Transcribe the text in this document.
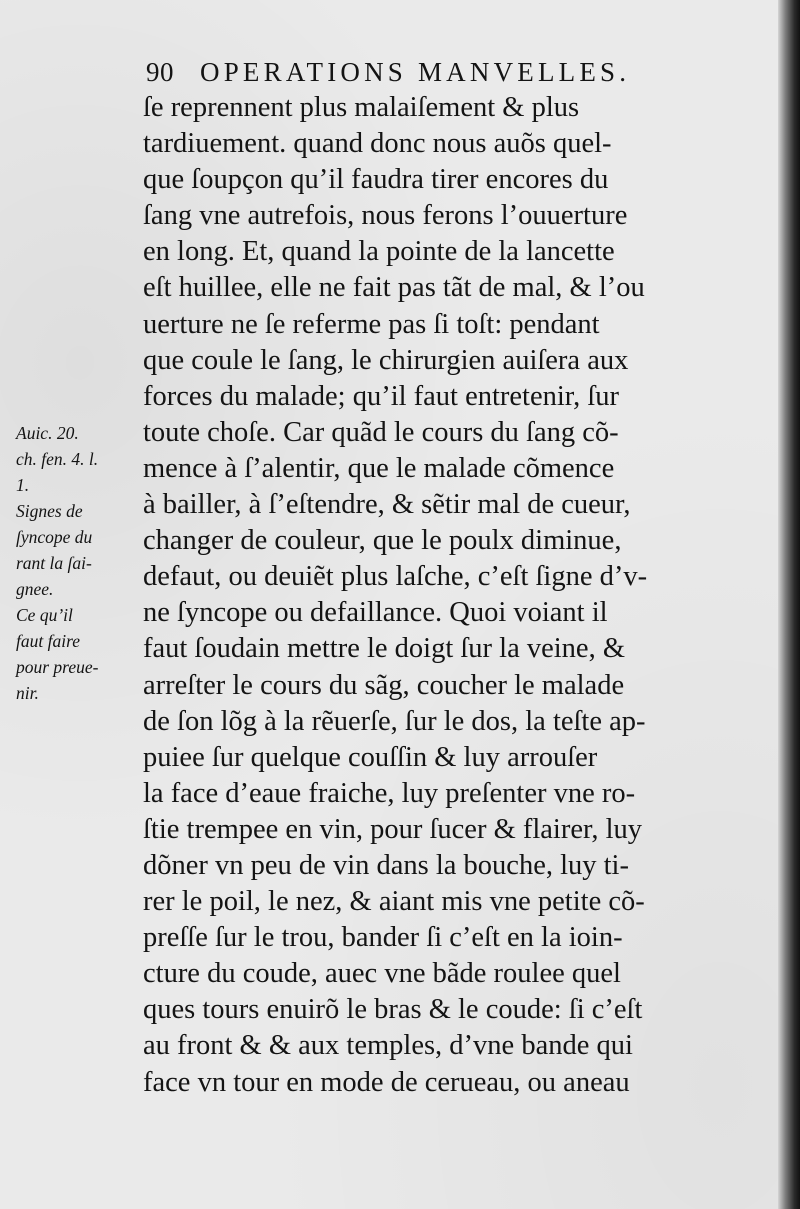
90 OPERATIONS MANVELLES.
ſe reprennent plus malaiſement & plus
tardiuement. quand donc nous auõs quel-
que ſoupçon qu’il faudra tirer encores du
ſang vne autrefois, nous ferons l’ouuerture
en long. Et, quand la pointe de la lancette
eſt huillee, elle ne fait pas tãt de mal, & l’ou
uerture ne ſe referme pas ſi toſt: pendant
que coule le ſang, le chirurgien auiſera aux
forces du malade; qu’il faut entretenir, ſur
toute choſe. Car quãd le cours du ſang cõ-
mence à ſ’alentir, que le malade cõmence
à bailler, à ſ’eſtendre, & sẽtir mal de cueur,
changer de couleur, que le poulx diminue,
defaut, ou deuiẽt plus laſche, c’eſt ſigne d’v-
ne ſyncope ou defaillance. Quoi voiant il
faut ſoudain mettre le doigt ſur la veine, &
arreſter le cours du sãg, coucher le malade
de ſon lõg à la rẽuerſe, ſur le dos, la teſte ap-
puiee ſur quelque couſſin & luy arrouſer
la face d’eaue fraiche, luy preſenter vne ro-
ſtie trempee en vin, pour ſucer & flairer, luy
dõner vn peu de vin dans la bouche, luy ti-
rer le poil, le nez, & aiant mis vne petite cõ-
preſſe ſur le trou, bander ſi c’eſt en la ioin-
cture du coude, auec vne bãde roulee quel
ques tours enuirõ le bras & le coude: ſi c’eſt
au front & & aux temples, d’vne bande qui
face vn tour en mode de cerueau, ou aneau
Auic. 20.
ch. fen. 4. l.
1.
Signes de
ſyncope du
rant la ſai-
gnee.
Ce qu’il
faut faire
pour preue-
nir.
